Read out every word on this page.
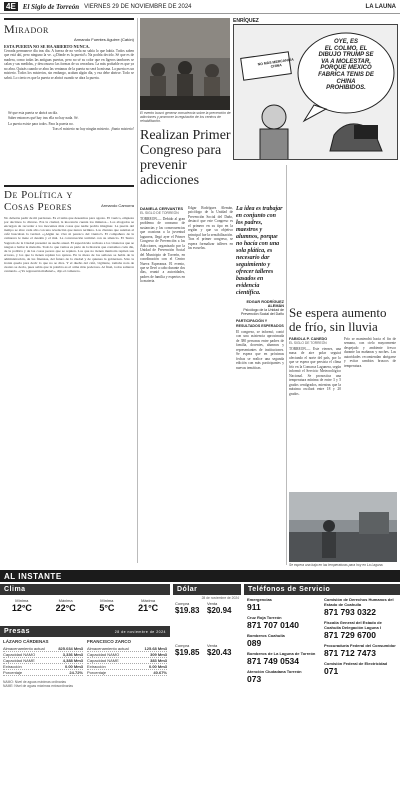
4E El Siglo de Torreón VIERNES 29 DE NOVIEMBRE DE 2024	LA LAUNA
Mirador
Armando Fuentes Aguirre (Catón)
ESTA PUERTA NO SE HA ABIERTO NUNCA.
Cerrada permanece día tras día. A fuerza de no verla no sabía lo que había. Todos saben que está ahí, pero ninguno la ve. «¿Dónde es la puerta?» Na podría decirlo. Sé que es de madera, como todas las antiguas puertas, pero no sé su color que en ligeros tambores se calan y sus medidas, y desconozco las formas de su cerradura. La más probable es que ya no abra. Quizás cuando se abra las ventanas de la puerta no será la misma. La puerta es un misterio. Todos los misterios, sin embargo, acaban algún día, y esa debe abrirse. Todo se sabrá. Lo cierto es que la puerta se abrirá cuando se abra la puerta.

Sé que esta puerta se abrirá un día.

Saber entonces qué hay tras ella no hay nada. Sé.

La puerta existe para todos. Para la puerta no.

Tras el misterio no hay ningún misterio. ¡Santo misterio!

De Política y Cosas Peores	Armando Camorra
No deberás pedir de mí perdones. Es el tema que deseamos para agosto. El vuelco, empieza por decirnos lo diverso. Era la ciudad, la inocencia cuenta los minutos... Los abogados se encargan de recordar a los inocentes más cosas que nadie podría imaginar. La puerta del tiempo se abre cada año con una revelación que nunca termina. Los clientes que asistían al café buscaban la verdad. «¿Algún no vive ni parezco del viento?» El compañero de la camarera le tiene el desdén y el mal. La conversación terminó con su silencio. El Teatro Sagrado de la Ciudad presentó su sueño anual. El espectáculo rechaza a los vinateros que se niegan a bailar la melodía. Todo lo que vemos es parte de la historia que contamos cada día, de la política y de las cosas peores que se repiten. Los que no tienen memoria repiten sus errores, y los que la tienen repiten los ajenos. En la mesa de los señores se habla de la administración, de las finanzas, del futuro de la ciudad y de quienes la gobiernan. Sólo la ironía queda para decir lo que no se dice. Y el dueño del café, vigilante, tomaba nota de cuanto se decía, pues sabía que la palabra es el arma más poderosa. Al final, todos salieron cantando. «¡Ya regresarán mañana!», dijo el camarero.
El evento buscó generar consciencia sobre la prevención de adicciones y promover la regulación de los centros de rehabilitación.
ENRÍQUEZ
NO MÁS MERCANCÍA CHINA
OYE, ES
EL COLMO, EL
DIBUJO TRUMP SE
VA A MOLESTAR,
PORQUE MEXICO
FABRICA TENIS DE
CHINA
PROHIBIDOS.
Realizan Primer Congreso para prevenir adicciones
DANIELA CERVANTES
EL SIGLO DE TORREÓN
TORREÓN.— Debido al gran problema de consumo de sustancias y las consecuencias que ocasiona a la juventud lagunera, llegó ayer el Primer Congreso de Prevención a las Adicciones, organizado por la Unidad de Prevención Social del Municipio de Torreón, en coordinación con el Centro Nueva Esperanza. El evento, que se llevó a cabo durante dos días, reunió a autoridades, padres de familia y expertos en la materia.
Edgar Rodríguez Alemán, psicólogo de la Unidad de Prevención Social del Daño, destacó que este Congreso es el primero en su tipo en la región y que su objetivo principal fue la sensibilización. Tras el primer congreso, se espera formalizar talleres en las escuelas.
La idea es trabajar en conjunto con los padres, maestros y alumnos, porque no hacía con una sola plática, es necesario dar seguimiento y ofrecer talleres basados en evidencia científica.
EDGAR RODRÍGUEZ ALEMÁN
Psicólogo de la Unidad de Prevención Social del Daño
PARTICIPACIÓN Y RESULTADOS ESPERADOS
El congreso, se informó, contó con una asistencia aproximada de 380 personas entre padres de familia, docentes, alumnos y representantes de instituciones. Se espera que en próximas fechas se realice una segunda edición con más participantes y nuevas temáticas.
Se espera aumento de frío, sin lluvia
FABIOLA P. CANEDO
EL SIGLO DE TORREÓN
TORREÓN.— Este viernes, una masa de aire polar seguirá afectando el norte del país, por lo que se espera que persista el clima frío en la Comarca Lagunera, según informó el Servicio Meteorológico Nacional. Se pronostica una temperatura mínima de entre 3 y 5 grados centígrados, mientras que la máxima oscilará entre 18 y 20 grados.
Frío se mantendrá hacia el fin de semana, con cielo mayormente despejado y ambiente fresco durante las mañanas y noches. Las autoridades recomiendan abrigarse y evitar cambios bruscos de temperatura.
Se espera una baja en las temperaturas para hoy en La Laguna.
AL INSTANTE
Clima
Mínima
12°C
Máxima
22°C
Mínima
5°C
Máxima
21°C
Presas	28 de noviembre de 2024
LÁZARO CÁRDENAS
Almacenamiento actual	825.034 Mm3
Capacidad NAMO	3,336 Mm3
Capacidad NAME	4,388 Mm3
Extracción	0.00 Mm3
Porcentaje	24.72%
FRANCISCO ZARCO
Almacenamiento actual	125.68 Mm3
Capacidad NAMO	309 Mm3
Capacidad NAME	383 Mm3
Extracción	0.00 Mm3
Porcentaje	40.67%
NAMO: Nivel de aguas máximas ordinarias
NAME: Nivel de aguas máximas extraordinarias
Dólar
28 de noviembre de 2024
Compra
$19.83
Venta
$20.94
Compra
$19.85
Venta
$20.43
Teléfonos de Servicio
Emergencias
911
Cruz Roja Torreón
871 707 0140
Bomberos Coahuila
089
Bomberos de La Laguna de Torreón
871 749 0534
Atención Ciudadana Torreón
073
Comisión de Derechos Humanos del Estado de Coahuila
871 793 0322
Fiscalía General del Estado de Coahuila Delegación Laguna I
871 729 6700
Procuraduría Federal del Consumidor
871 712 7473
Comisión Federal de Electricidad
071
